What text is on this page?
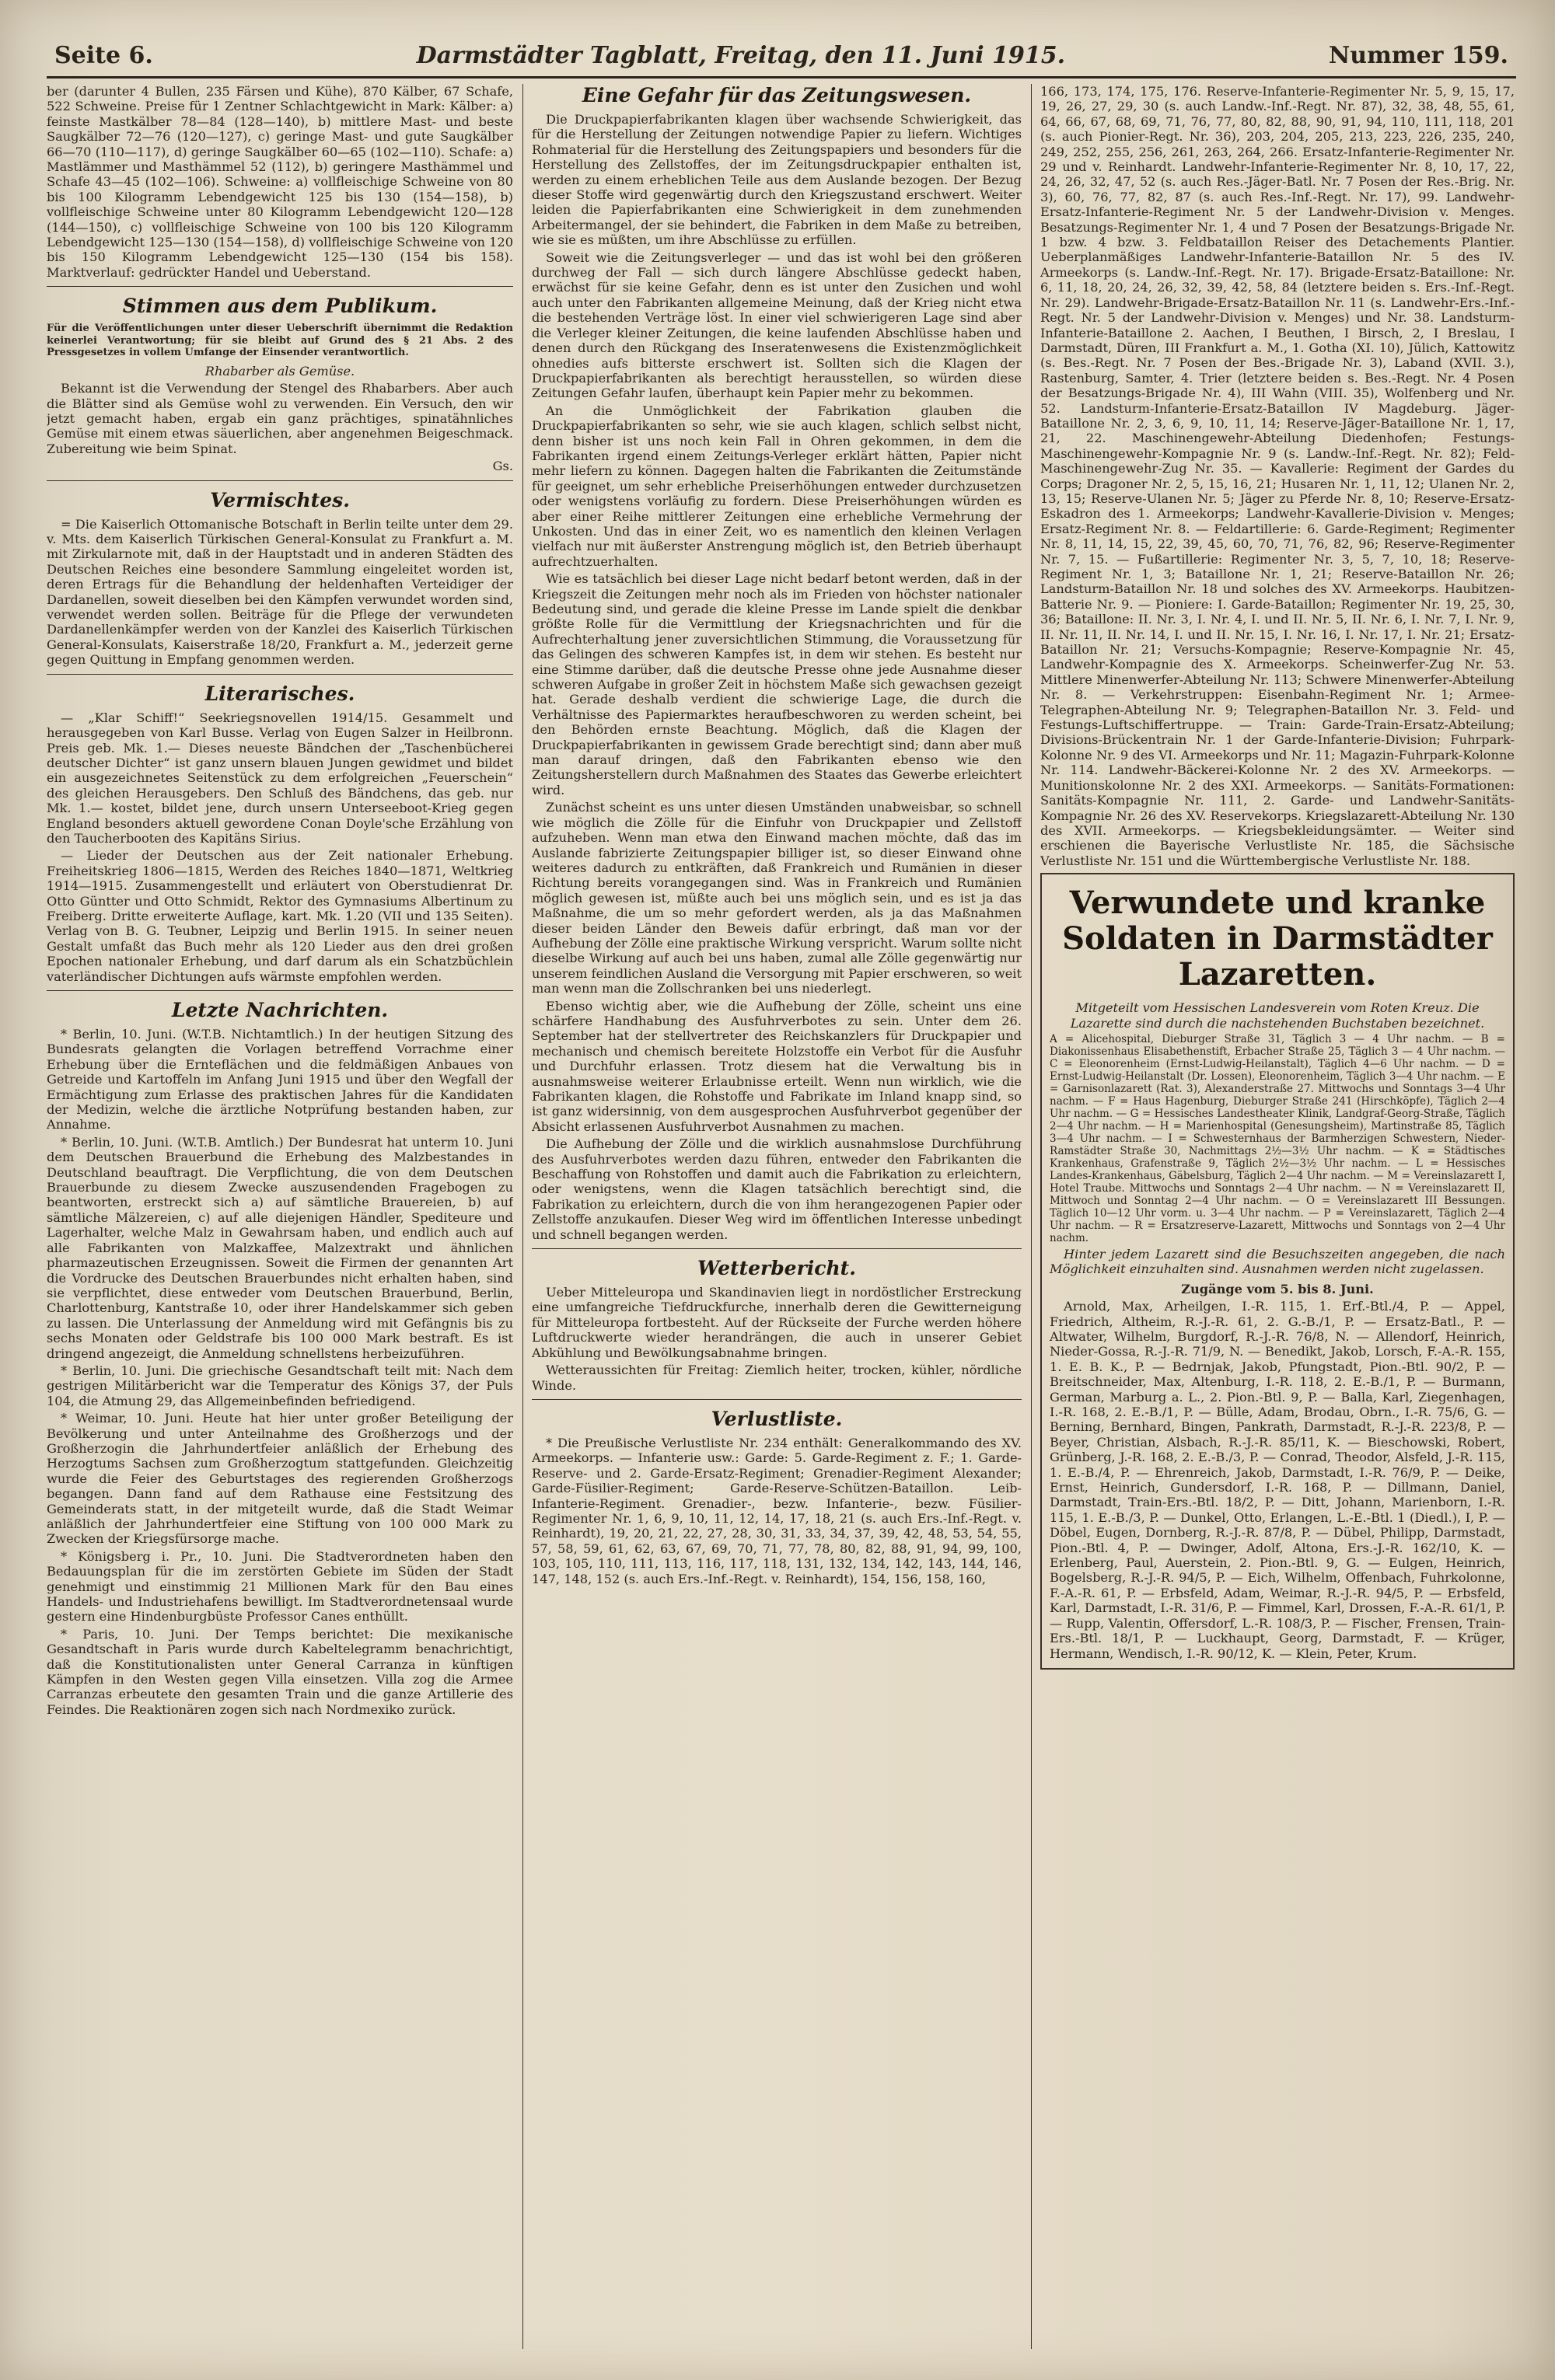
Seite 6.	Darmstädter Tagblatt, Freitag, den 11. Juni 1915.	Nummer 159.

ber (darunter 4 Bullen, 235 Färsen und Kühe), 870 Kälber, 67 Schafe, 522 Schweine. Preise für 1 Zentner Schlachtgewicht in Mark: Kälber: a) feinste Mastkälber 78—84 (128—140), b) mittlere Mast- und beste Saugkälber 72—76 (120—127), c) geringe Mast- und gute Saugkälber 66—70 (110—117), d) geringe Saugkälber 60—65 (102—110). Schafe: a) Mastlämmer und Masthämmel 52 (112), b) geringere Masthämmel und Schafe 43—45 (102—106). Schweine: a) vollfleischige Schweine von 80 bis 100 Kilogramm Lebendgewicht 125 bis 130 (154—158), b) vollfleischige Schweine unter 80 Kilogramm Lebendgewicht 120—128 (144—150), c) vollfleischige Schweine von 100 bis 120 Kilogramm Lebendgewicht 125—130 (154—158), d) vollfleischige Schweine von 120 bis 150 Kilogramm Lebendgewicht 125—130 (154 bis 158). Marktverlauf: gedrückter Handel und Ueberstand.

Stimmen aus dem Publikum.
Für die Veröffentlichungen unter dieser Ueberschrift übernimmt die Redaktion keinerlei Verantwortung; für sie bleibt auf Grund des § 21 Abs. 2 des Pressgesetzes in vollem Umfange der Einsender verantwortlich.

Rhabarber als Gemüse.

Bekannt ist die Verwendung der Stengel des Rhabarbers. Aber auch die Blätter sind als Gemüse wohl zu verwenden. Ein Versuch, den wir jetzt gemacht haben, ergab ein ganz prächtiges, spinatähnliches Gemüse mit einem etwas säuerlichen, aber angenehmen Beigeschmack. Zubereitung wie beim Spinat.

Gs.

Vermischtes.

= Die Kaiserlich Ottomanische Botschaft in Berlin teilte unter dem 29. v. Mts. dem Kaiserlich Türkischen General-Konsulat zu Frankfurt a. M. mit Zirkularnote mit, daß in der Hauptstadt und in anderen Städten des Deutschen Reiches eine besondere Sammlung eingeleitet worden ist, deren Ertrags für die Behandlung der heldenhaften Verteidiger der Dardanellen, soweit dieselben bei den Kämpfen verwundet worden sind, verwendet werden sollen. Beiträge für die Pflege der verwundeten Dardanellenkämpfer werden von der Kanzlei des Kaiserlich Türkischen General-Konsulats, Kaiserstraße 18/20, Frankfurt a. M., jederzeit gerne gegen Quittung in Empfang genommen werden.

Literarisches.

— „Klar Schiff!“ Seekriegsnovellen 1914/15. Gesammelt und herausgegeben von Karl Busse. Verlag von Eugen Salzer in Heilbronn. Preis geb. Mk. 1.— Dieses neueste Bändchen der „Taschenbücherei deutscher Dichter“ ist ganz unsern blauen Jungen gewidmet und bildet ein ausgezeichnetes Seitenstück zu dem erfolgreichen „Feuerschein“ des gleichen Herausgebers. Den Schluß des Bändchens, das geb. nur Mk. 1.— kostet, bildet jene, durch unsern Unterseeboot-Krieg gegen England besonders aktuell gewordene Conan Doyle'sche Erzählung von den Taucherbooten des Kapitäns Sirius.

— Lieder der Deutschen aus der Zeit nationaler Erhebung. Freiheitskrieg 1806—1815, Werden des Reiches 1840—1871, Weltkrieg 1914—1915. Zusammengestellt und erläutert von Oberstudienrat Dr. Otto Güntter und Otto Schmidt, Rektor des Gymnasiums Albertinum zu Freiberg. Dritte erweiterte Auflage, kart. Mk. 1.20 (VII und 135 Seiten). Verlag von B. G. Teubner, Leipzig und Berlin 1915. In seiner neuen Gestalt umfaßt das Buch mehr als 120 Lieder aus den drei großen Epochen nationaler Erhebung, und darf darum als ein Schatzbüchlein vaterländischer Dichtungen aufs wärmste empfohlen werden.

Letzte Nachrichten.

* Berlin, 10. Juni. (W.T.B. Nichtamtlich.) In der heutigen Sitzung des Bundesrats gelangten die Vorlagen betreffend Vorrachme einer Erhebung über die Ernteflächen und die feldmäßigen Anbaues von Getreide und Kartoffeln im Anfang Juni 1915 und über den Wegfall der Ermächtigung zum Erlasse des praktischen Jahres für die Kandidaten der Medizin, welche die ärztliche Notprüfung bestanden haben, zur Annahme.

* Berlin, 10. Juni. (W.T.B. Amtlich.) Der Bundesrat hat unterm 10. Juni dem Deutschen Brauerbund die Erhebung des Malzbestandes in Deutschland beauftragt. Die Verpflichtung, die von dem Deutschen Brauerbunde zu diesem Zwecke auszusendenden Fragebogen zu beantworten, erstreckt sich a) auf sämtliche Brauereien, b) auf sämtliche Mälzereien, c) auf alle diejenigen Händler, Spediteure und Lagerhalter, welche Malz in Gewahrsam haben, und endlich auch auf alle Fabrikanten von Malzkaffee, Malzextrakt und ähnlichen pharmazeutischen Erzeugnissen. Soweit die Firmen der genannten Art die Vordrucke des Deutschen Brauerbundes nicht erhalten haben, sind sie verpflichtet, diese entweder vom Deutschen Brauerbund, Berlin, Charlottenburg, Kantstraße 10, oder ihrer Handelskammer sich geben zu lassen. Die Unterlassung der Anmeldung wird mit Gefängnis bis zu sechs Monaten oder Geldstrafe bis 100 000 Mark bestraft. Es ist dringend angezeigt, die Anmeldung schnellstens herbeizuführen.

* Berlin, 10. Juni. Die griechische Gesandtschaft teilt mit: Nach dem gestrigen Militärbericht war die Temperatur des Königs 37, der Puls 104, die Atmung 29, das Allgemeinbefinden befriedigend.

* Weimar, 10. Juni. Heute hat hier unter großer Beteiligung der Bevölkerung und unter Anteilnahme des Großherzogs und der Großherzogin die Jahrhundertfeier anläßlich der Erhebung des Herzogtums Sachsen zum Großherzogtum stattgefunden. Gleichzeitig wurde die Feier des Geburtstages des regierenden Großherzogs begangen. Dann fand auf dem Rathause eine Festsitzung des Gemeinderats statt, in der mitgeteilt wurde, daß die Stadt Weimar anläßlich der Jahrhundertfeier eine Stiftung von 100 000 Mark zu Zwecken der Kriegsfürsorge mache.

* Königsberg i. Pr., 10. Juni. Die Stadtverordneten haben den Bedauungsplan für die im zerstörten Gebiete im Süden der Stadt genehmigt und einstimmig 21 Millionen Mark für den Bau eines Handels- und Industriehafens bewilligt. Im Stadtverordnetensaal wurde gestern eine Hindenburgbüste Professor Canes enthüllt.

* Paris, 10. Juni. Der Temps berichtet: Die mexikanische Gesandtschaft in Paris wurde durch Kabeltelegramm benachrichtigt, daß die Konstitutionalisten unter General Carranza in künftigen Kämpfen in den Westen gegen Villa einsetzen. Villa zog die Armee Carranzas erbeutete den gesamten Train und die ganze Artillerie des Feindes. Die Reaktionären zogen sich nach Nordmexiko zurück.

Eine Gefahr für das Zeitungswesen.

Die Druckpapierfabrikanten klagen über wachsende Schwierigkeit, das für die Herstellung der Zeitungen notwendige Papier zu liefern. Wichtiges Rohmaterial für die Herstellung des Zeitungspapiers und besonders für die Herstellung des Zellstoffes, der im Zeitungsdruckpapier enthalten ist, werden zu einem erheblichen Teile aus dem Auslande bezogen. Der Bezug dieser Stoffe wird gegenwärtig durch den Kriegszustand erschwert. Weiter leiden die Papierfabrikanten eine Schwierigkeit in dem zunehmenden Arbeitermangel, der sie behindert, die Fabriken in dem Maße zu betreiben, wie sie es müßten, um ihre Abschlüsse zu erfüllen.

Soweit wie die Zeitungsverleger — und das ist wohl bei den größeren durchweg der Fall — sich durch längere Abschlüsse gedeckt haben, erwächst für sie keine Gefahr, denn es ist unter den Zusichen und wohl auch unter den Fabrikanten allgemeine Meinung, daß der Krieg nicht etwa die bestehenden Verträge löst. In einer viel schwierigeren Lage sind aber die Verleger kleiner Zeitungen, die keine laufenden Abschlüsse haben und denen durch den Rückgang des Inseratenwesens die Existenzmöglichkeit ohnedies aufs bitterste erschwert ist. Sollten sich die Klagen der Druckpapierfabrikanten als berechtigt herausstellen, so würden diese Zeitungen Gefahr laufen, überhaupt kein Papier mehr zu bekommen.

An die Unmöglichkeit der Fabrikation glauben die Druckpapierfabrikanten so sehr, wie sie auch klagen, schlich selbst nicht, denn bisher ist uns noch kein Fall in Ohren gekommen, in dem die Fabrikanten irgend einem Zeitungs-Verleger erklärt hätten, Papier nicht mehr liefern zu können. Dagegen halten die Fabrikanten die Zeitumstände für geeignet, um sehr erhebliche Preiserhöhungen entweder durchzusetzen oder wenigstens vorläufig zu fordern. Diese Preiserhöhungen würden es aber einer Reihe mittlerer Zeitungen eine erhebliche Vermehrung der Unkosten. Und das in einer Zeit, wo es namentlich den kleinen Verlagen vielfach nur mit äußerster Anstrengung möglich ist, den Betrieb überhaupt aufrechtzuerhalten.

Wie es tatsächlich bei dieser Lage nicht bedarf betont werden, daß in der Kriegszeit die Zeitungen mehr noch als im Frieden von höchster nationaler Bedeutung sind, und gerade die kleine Presse im Lande spielt die denkbar größte Rolle für die Vermittlung der Kriegsnachrichten und für die Aufrechterhaltung jener zuversichtlichen Stimmung, die Voraussetzung für das Gelingen des schweren Kampfes ist, in dem wir stehen. Es besteht nur eine Stimme darüber, daß die deutsche Presse ohne jede Ausnahme dieser schweren Aufgabe in großer Zeit in höchstem Maße sich gewachsen gezeigt hat. Gerade deshalb verdient die schwierige Lage, die durch die Verhältnisse des Papiermarktes heraufbeschworen zu werden scheint, bei den Behörden ernste Beachtung. Möglich, daß die Klagen der Druckpapierfabrikanten in gewissem Grade berechtigt sind; dann aber muß man darauf dringen, daß den Fabrikanten ebenso wie den Zeitungsherstellern durch Maßnahmen des Staates das Gewerbe erleichtert wird.

Zunächst scheint es uns unter diesen Umständen unabweisbar, so schnell wie möglich die Zölle für die Einfuhr von Druckpapier und Zellstoff aufzuheben. Wenn man etwa den Einwand machen möchte, daß das im Auslande fabrizierte Zeitungspapier billiger ist, so dieser Einwand ohne weiteres dadurch zu entkräften, daß Frankreich und Rumänien in dieser Richtung bereits vorangegangen sind. Was in Frankreich und Rumänien möglich gewesen ist, müßte auch bei uns möglich sein, und es ist ja das Maßnahme, die um so mehr gefordert werden, als ja das Maßnahmen dieser beiden Länder den Beweis dafür erbringt, daß man vor der Aufhebung der Zölle eine praktische Wirkung verspricht. Warum sollte nicht dieselbe Wirkung auf auch bei uns haben, zumal alle Zölle gegenwärtig nur unserem feindlichen Ausland die Versorgung mit Papier erschweren, so weit man wenn man die Zollschranken bei uns niederlegt.

Ebenso wichtig aber, wie die Aufhebung der Zölle, scheint uns eine schärfere Handhabung des Ausfuhrverbotes zu sein. Unter dem 26. September hat der stellvertreter des Reichskanzlers für Druckpapier und mechanisch und chemisch bereitete Holzstoffe ein Verbot für die Ausfuhr und Durchfuhr erlassen. Trotz diesem hat die Verwaltung bis in ausnahmsweise weiterer Erlaubnisse erteilt. Wenn nun wirklich, wie die Fabrikanten klagen, die Rohstoffe und Fabrikate im Inland knapp sind, so ist ganz widersinnig, von dem ausgesprochen Ausfuhrverbot gegenüber der Absicht erlassenen Ausfuhrverbot Ausnahmen zu machen.

Die Aufhebung der Zölle und die wirklich ausnahmslose Durchführung des Ausfuhrverbotes werden dazu führen, entweder den Fabrikanten die Beschaffung von Rohstoffen und damit auch die Fabrikation zu erleichtern, oder wenigstens, wenn die Klagen tatsächlich berechtigt sind, die Fabrikation zu erleichtern, durch die von ihm herangezogenen Papier oder Zellstoffe anzukaufen. Dieser Weg wird im öffentlichen Interesse unbedingt und schnell begangen werden.

Wetterbericht.

Ueber Mitteleuropa und Skandinavien liegt in nordöstlicher Erstreckung eine umfangreiche Tiefdruckfurche, innerhalb deren die Gewitterneigung für Mitteleuropa fortbesteht. Auf der Rückseite der Furche werden höhere Luftdruckwerte wieder herandrängen, die auch in unserer Gebiet Abkühlung und Bewölkungsabnahme bringen.

Wetteraussichten für Freitag: Ziemlich heiter, trocken, kühler, nördliche Winde.

Verlustliste.

* Die Preußische Verlustliste Nr. 234 enthält: Generalkommando des XV. Armeekorps. — Infanterie usw.: Garde: 5. Garde-Regiment z. F.; 1. Garde-Reserve- und 2. Garde-Ersatz-Regiment; Grenadier-Regiment Alexander; Garde-Füsilier-Regiment; Garde-Reserve-Schützen-Bataillon. Leib-Infanterie-Regiment. Grenadier-, bezw. Infanterie-, bezw. Füsilier-Regimenter Nr. 1, 6, 9, 10, 11, 12, 14, 17, 18, 21 (s. auch Ers.-Inf.-Regt. v. Reinhardt), 19, 20, 21, 22, 27, 28, 30, 31, 33, 34, 37, 39, 42, 48, 53, 54, 55, 57, 58, 59, 61, 62, 63, 67, 69, 70, 71, 77, 78, 80, 82, 88, 91, 94, 99, 100, 103, 105, 110, 111, 113, 116, 117, 118, 131, 132, 134, 142, 143, 144, 146, 147, 148, 152 (s. auch Ers.-Inf.-Regt. v. Reinhardt), 154, 156, 158, 160,

166, 173, 174, 175, 176. Reserve-Infanterie-Regimenter Nr. 5, 9, 15, 17, 19, 26, 27, 29, 30 (s. auch Landw.-Inf.-Regt. Nr. 87), 32, 38, 48, 55, 61, 64, 66, 67, 68, 69, 71, 76, 77, 80, 82, 88, 90, 91, 94, 110, 111, 118, 201 (s. auch Pionier-Regt. Nr. 36), 203, 204, 205, 213, 223, 226, 235, 240, 249, 252, 255, 256, 261, 263, 264, 266. Ersatz-Infanterie-Regimenter Nr. 29 und v. Reinhardt. Landwehr-Infanterie-Regimenter Nr. 8, 10, 17, 22, 24, 26, 32, 47, 52 (s. auch Res.-Jäger-Batl. Nr. 7 Posen der Res.-Brig. Nr. 3), 60, 76, 77, 82, 87 (s. auch Res.-Inf.-Regt. Nr. 17), 99. Landwehr-Ersatz-Infanterie-Regiment Nr. 5 der Landwehr-Division v. Menges. Besatzungs-Regimenter Nr. 1, 4 und 7 Posen der Besatzungs-Brigade Nr. 1 bzw. 4 bzw. 3. Feldbataillon Reiser des Detachements Plantier. Ueberplanmäßiges Landwehr-Infanterie-Bataillon Nr. 5 des IV. Armeekorps (s. Landw.-Inf.-Regt. Nr. 17). Brigade-Ersatz-Bataillone: Nr. 6, 11, 18, 20, 24, 26, 32, 39, 42, 58, 84 (letztere beiden s. Ers.-Inf.-Regt. Nr. 29). Landwehr-Brigade-Ersatz-Bataillon Nr. 11 (s. Landwehr-Ers.-Inf.-Regt. Nr. 5 der Landwehr-Division v. Menges) und Nr. 38. Landsturm-Infanterie-Bataillone 2. Aachen, I Beuthen, I Birsch, 2, I Breslau, I Darmstadt, Düren, III Frankfurt a. M., 1. Gotha (XI. 10), Jülich, Kattowitz (s. Bes.-Regt. Nr. 7 Posen der Bes.-Brigade Nr. 3), Laband (XVII. 3.), Rastenburg, Samter, 4. Trier (letztere beiden s. Bes.-Regt. Nr. 4 Posen der Besatzungs-Brigade Nr. 4), III Wahn (VIII. 35), Wolfenberg und Nr. 52. Landsturm-Infanterie-Ersatz-Bataillon IV Magdeburg. Jäger-Bataillone Nr. 2, 3, 6, 9, 10, 11, 14; Reserve-Jäger-Bataillone Nr. 1, 17, 21, 22. Maschinengewehr-Abteilung Diedenhofen; Festungs-Maschinengewehr-Kompagnie Nr. 9 (s. Landw.-Inf.-Regt. Nr. 82); Feld-Maschinengewehr-Zug Nr. 35. — Kavallerie: Regiment der Gardes du Corps; Dragoner Nr. 2, 5, 15, 16, 21; Husaren Nr. 1, 11, 12; Ulanen Nr. 2, 13, 15; Reserve-Ulanen Nr. 5; Jäger zu Pferde Nr. 8, 10; Reserve-Ersatz-Eskadron des 1. Armeekorps; Landwehr-Kavallerie-Division v. Menges; Ersatz-Regiment Nr. 8. — Feldartillerie: 6. Garde-Regiment; Regimenter Nr. 8, 11, 14, 15, 22, 39, 45, 60, 70, 71, 76, 82, 96; Reserve-Regimenter Nr. 7, 15. — Fußartillerie: Regimenter Nr. 3, 5, 7, 10, 18; Reserve-Regiment Nr. 1, 3; Bataillone Nr. 1, 21; Reserve-Bataillon Nr. 26; Landsturm-Bataillon Nr. 18 und solches des XV. Armeekorps. Haubitzen-Batterie Nr. 9. — Pioniere: I. Garde-Bataillon; Regimenter Nr. 19, 25, 30, 36; Bataillone: II. Nr. 3, I. Nr. 4, I. und II. Nr. 5, II. Nr. 6, I. Nr. 7, I. Nr. 9, II. Nr. 11, II. Nr. 14, I. und II. Nr. 15, I. Nr. 16, I. Nr. 17, I. Nr. 21; Ersatz-Bataillon Nr. 21; Versuchs-Kompagnie; Reserve-Kompagnie Nr. 45, Landwehr-Kompagnie des X. Armeekorps. Scheinwerfer-Zug Nr. 53. Mittlere Minenwerfer-Abteilung Nr. 113; Schwere Minenwerfer-Abteilung Nr. 8. — Verkehrstruppen: Eisenbahn-Regiment Nr. 1; Armee-Telegraphen-Abteilung Nr. 9; Telegraphen-Bataillon Nr. 3. Feld- und Festungs-Luftschiffertruppe. — Train: Garde-Train-Ersatz-Abteilung; Divisions-Brückentrain Nr. 1 der Garde-Infanterie-Division; Fuhrpark-Kolonne Nr. 9 des VI. Armeekorps und Nr. 11; Magazin-Fuhrpark-Kolonne Nr. 114. Landwehr-Bäckerei-Kolonne Nr. 2 des XV. Armeekorps. — Munitionskolonne Nr. 2 des XXI. Armeekorps. — Sanitäts-Formationen: Sanitäts-Kompagnie Nr. 111, 2. Garde- und Landwehr-Sanitäts-Kompagnie Nr. 26 des XV. Reservekorps. Kriegslazarett-Abteilung Nr. 130 des XVII. Armeekorps. — Kriegsbekleidungsämter. — Weiter sind erschienen die Bayerische Verlustliste Nr. 185, die Sächsische Verlustliste Nr. 151 und die Württembergische Verlustliste Nr. 188.

Verwundete und kranke Soldaten in Darmstädter Lazaretten.

Mitgeteilt vom Hessischen Landesverein vom Roten Kreuz. Die Lazarette sind durch die nachstehenden Buchstaben bezeichnet.

A = Alicehospital, Dieburger Straße 31, Täglich 3 — 4 Uhr nachm. — B = Diakonissenhaus Elisabethenstift, Erbacher Straße 25, Täglich 3 — 4 Uhr nachm. — C = Eleonorenheim (Ernst-Ludwig-Heilanstalt), Täglich 4—6 Uhr nachm. — D = Ernst-Ludwig-Heilanstalt (Dr. Lossen), Eleonorenheim, Täglich 3—4 Uhr nachm. — E = Garnisonlazarett (Rat. 3), Alexanderstraße 27. Mittwochs und Sonntags 3—4 Uhr nachm. — F = Haus Hagenburg, Dieburger Straße 241 (Hirschköpfe), Täglich 2—4 Uhr nachm. — G = Hessisches Landestheater Klinik, Landgraf-Georg-Straße, Täglich 2—4 Uhr nachm. — H = Marienhospital (Genesungsheim), Martinstraße 85, Täglich 3—4 Uhr nachm. — I = Schwesternhaus der Barmherzigen Schwestern, Nieder-Ramstädter Straße 30, Nachmittags 2½—3½ Uhr nachm. — K = Städtisches Krankenhaus, Grafenstraße 9, Täglich 2½—3½ Uhr nachm. — L = Hessisches Landes-Krankenhaus, Gäbelsburg, Täglich 2—4 Uhr nachm. — M = Vereinslazarett I, Hotel Traube. Mittwochs und Sonntags 2—4 Uhr nachm. — N = Vereinslazarett II, Mittwoch und Sonntag 2—4 Uhr nachm. — O = Vereinslazarett III Bessungen. Täglich 10—12 Uhr vorm. u. 3—4 Uhr nachm. — P = Vereinslazarett, Täglich 2—4 Uhr nachm. — R = Ersatzreserve-Lazarett, Mittwochs und Sonntags von 2—4 Uhr nachm.

Hinter jedem Lazarett sind die Besuchszeiten angegeben, die nach Möglichkeit einzuhalten sind. Ausnahmen werden nicht zugelassen.

Zugänge vom 5. bis 8. Juni.

Arnold, Max, Arheilgen, I.-R. 115, 1. Erf.-Btl./4, P. — Appel, Friedrich, Altheim, R.-J.-R. 61, 2. G.-B./1, P. — Ersatz-Batl., P. — Altwater, Wilhelm, Burgdorf, R.-J.-R. 76/8, N. — Allendorf, Heinrich, Nieder-Gossa, R.-J.-R. 71/9, N. — Benedikt, Jakob, Lorsch, F.-A.-R. 155, 1. E. B. K., P. — Bedrnjak, Jakob, Pfungstadt, Pion.-Btl. 90/2, P. — Breitschneider, Max, Altenburg, I.-R. 118, 2. E.-B./1, P. — Burmann, German, Marburg a. L., 2. Pion.-Btl. 9, P. — Balla, Karl, Ziegenhagen, I.-R. 168, 2. E.-B./1, P. — Bülle, Adam, Brodau, Obrn., I.-R. 75/6, G. — Berning, Bernhard, Bingen, Pankrath, Darmstadt, R.-J.-R. 223/8, P. — Beyer, Christian, Alsbach, R.-J.-R. 85/11, K. — Bieschowski, Robert, Grünberg, J.-R. 168, 2. E.-B./3, P. — Conrad, Theodor, Alsfeld, J.-R. 115, 1. E.-B./4, P. — Ehrenreich, Jakob, Darmstadt, I.-R. 76/9, P. — Deike, Ernst, Heinrich, Gundersdorf, I.-R. 168, P. — Dillmann, Daniel, Darmstadt, Train-Ers.-Btl. 18/2, P. — Ditt, Johann, Marienborn, I.-R. 115, 1. E.-B./3, P. — Dunkel, Otto, Erlangen, L.-E.-Btl. 1 (Diedl.), I, P. — Döbel, Eugen, Dornberg, R.-J.-R. 87/8, P. — Dübel, Philipp, Darmstadt, Pion.-Btl. 4, P. — Dwinger, Adolf, Altona, Ers.-J.-R. 162/10, K. — Erlenberg, Paul, Auerstein, 2. Pion.-Btl. 9, G. — Eulgen, Heinrich, Bogelsberg, R.-J.-R. 94/5, P. — Eich, Wilhelm, Offenbach, Fuhrkolonne, F.-A.-R. 61, P. — Erbsfeld, Adam, Weimar, R.-J.-R. 94/5, P. — Erbsfeld, Karl, Darmstadt, I.-R. 31/6, P. — Fimmel, Karl, Drossen, F.-A.-R. 61/1, P. — Rupp, Valentin, Offersdorf, L.-R. 108/3, P. — Fischer, Frensen, Train-Ers.-Btl. 18/1, P. — Luckhaupt, Georg, Darmstadt, F. — Krüger, Hermann, Wendisch, I.-R. 90/12, K. — Klein, Peter, Krum.
